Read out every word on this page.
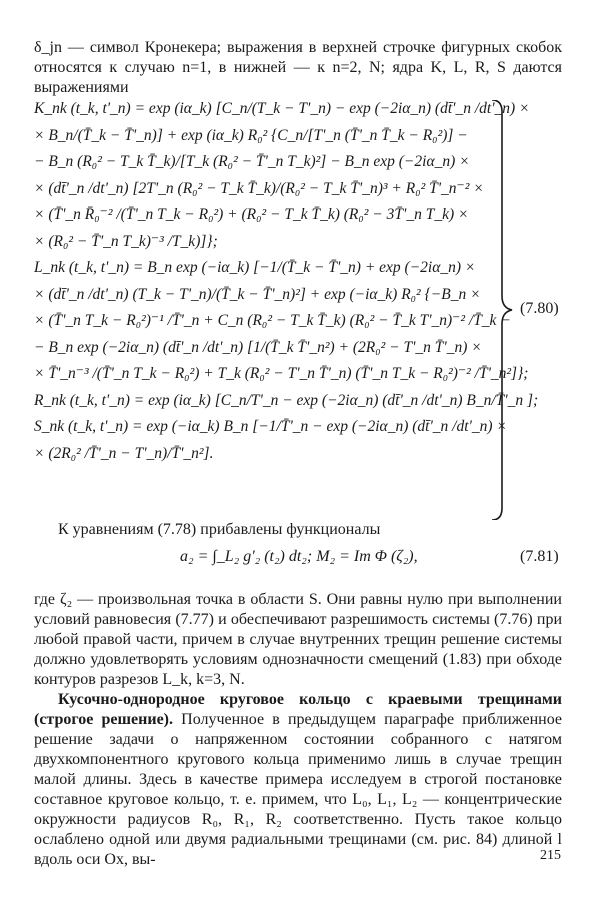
δ_jn — символ Кронекера; выражения в верхней строчке фигурных скобок относятся к случаю n=1, в нижней — к n=2, N; ядра K, L, R, S даются выражениями
K_nk (t_k, t'_n) = exp (iα_k) [C_n/(T_k − T'_n) − exp (−2iα_n) (dt̄'_n /dt'_n) ×
× B_n/(T̄_k − T̄'_n)] + exp (iα_k) R₀² {C_n/[T'_n (T̄'_n T̄_k − R₀²)] −
− B_n (R₀² − T_k T̄_k)/[T_k (R₀² − T̄'_n T_k)²] − B_n exp (−2iα_n) ×
× (dt̄'_n /dt'_n) [2T'_n (R₀² − T_k T̄_k)/(R₀² − T_k T̄'_n)³ + R₀² T̄'_n⁻² ×
× (T̄'_n R̄₀⁻² /(T̄'_n T_k − R₀²) + (R₀² − T_k T̄_k) (R₀² − 3T̄'_n T_k) ×
× (R₀² − T̄'_n T_k)⁻³ /T_k)]};
L_nk (t_k, t'_n) = B_n exp (−iα_k) [−1/(T̄_k − T̄'_n) + exp (−2iα_n) ×
× (dt̄'_n /dt'_n) (T_k − T'_n)/(T̄_k − T̄'_n)²] + exp (−iα_k) R₀² {−B_n ×
× (T̄'_n T_k − R₀²)⁻¹ /T̄'_n + C_n (R₀² − T_k T̄_k) (R₀² − T̄_k T'_n)⁻² /T̄_k −
− B_n exp (−2iα_n) (dt̄'_n /dt'_n) [1/(T̄_k T̄'_n²) + (2R₀² − T'_n T̄'_n) ×
× T̄'_n⁻³ /(T̄'_n T_k − R₀²) + T_k (R₀² − T'_n T̄'_n) (T̄'_n T_k − R₀²)⁻² /T̄'_n²]};
R_nk (t_k, t'_n) = exp (iα_k) [C_n/T'_n − exp (−2iα_n) (dt̄'_n /dt'_n) B_n/T̄'_n ];
S_nk (t_k, t'_n) = exp (−iα_k) B_n [−1/T̄'_n − exp (−2iα_n) (dt̄'_n /dt'_n) ×
× (2R₀² /T̄'_n − T'_n)/T̄'_n²].
(7.80)
К уравнениям (7.78) прибавлены функционалы
a₂ = ∫_L₂ g'₂ (t₂) dt₂; M₂ = Im Φ (ζ₂),	(7.81)
где ζ₂ — произвольная точка в области S. Они равны нулю при выполнении условий равновесия (7.77) и обеспечивают разрешимость системы (7.76) при любой правой части, причем в случае внутренних трещин решение системы должно удовлетворять условиям однозначности смещений (1.83) при обходе контуров разрезов L_k, k=3, N.
Кусочно-однородное круговое кольцо с краевыми трещинами (строгое решение). Полученное в предыдущем параграфе приближенное решение задачи о напряженном состоянии собранного с натягом двухкомпонентного кругового кольца применимо лишь в случае трещин малой длины. Здесь в качестве примера исследуем в строгой постановке составное круговое кольцо, т. е. примем, что L₀, L₁, L₂ — концентрические окружности радиусов R₀, R₁, R₂ соответственно. Пусть такое кольцо ослаблено одной или двумя радиальными трещинами (см. рис. 84) длиной l вдоль оси Ox, вы-	215
